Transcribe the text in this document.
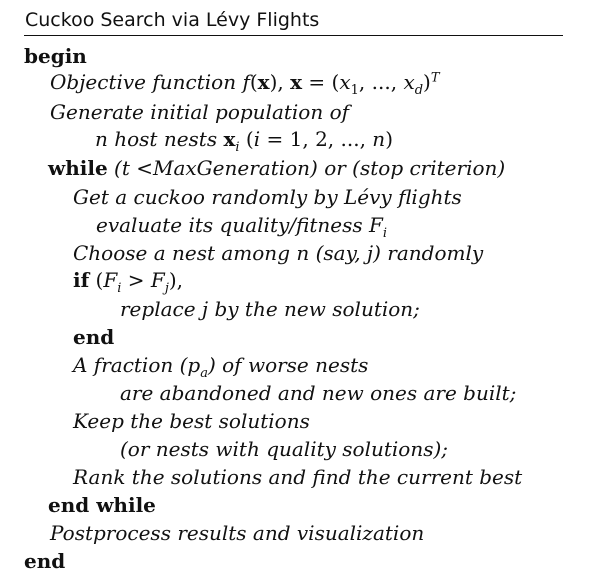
Cuckoo Search via Lévy Flights
begin
Objective function f(x), $x = (x_1$, ..., $x_d)^T$
Generate initial population of
n host nests $x_i$ (i = 1, 2, ..., n)
while (t <MaxGeneration) or (stop criterion)
Get a cuckoo randomly by Lévy flights
evaluate its quality/fitness $F_i$
Choose a nest among n (say, j) randomly
if $(F_i > F_j)$,
replace j by the new solution;
end
A fraction $(p_a)$ of worse nests
are abandoned and new ones are built;
Keep the best solutions
(or nests with quality solutions);
Rank the solutions and find the current best
end while
Postprocess results and visualization
end
